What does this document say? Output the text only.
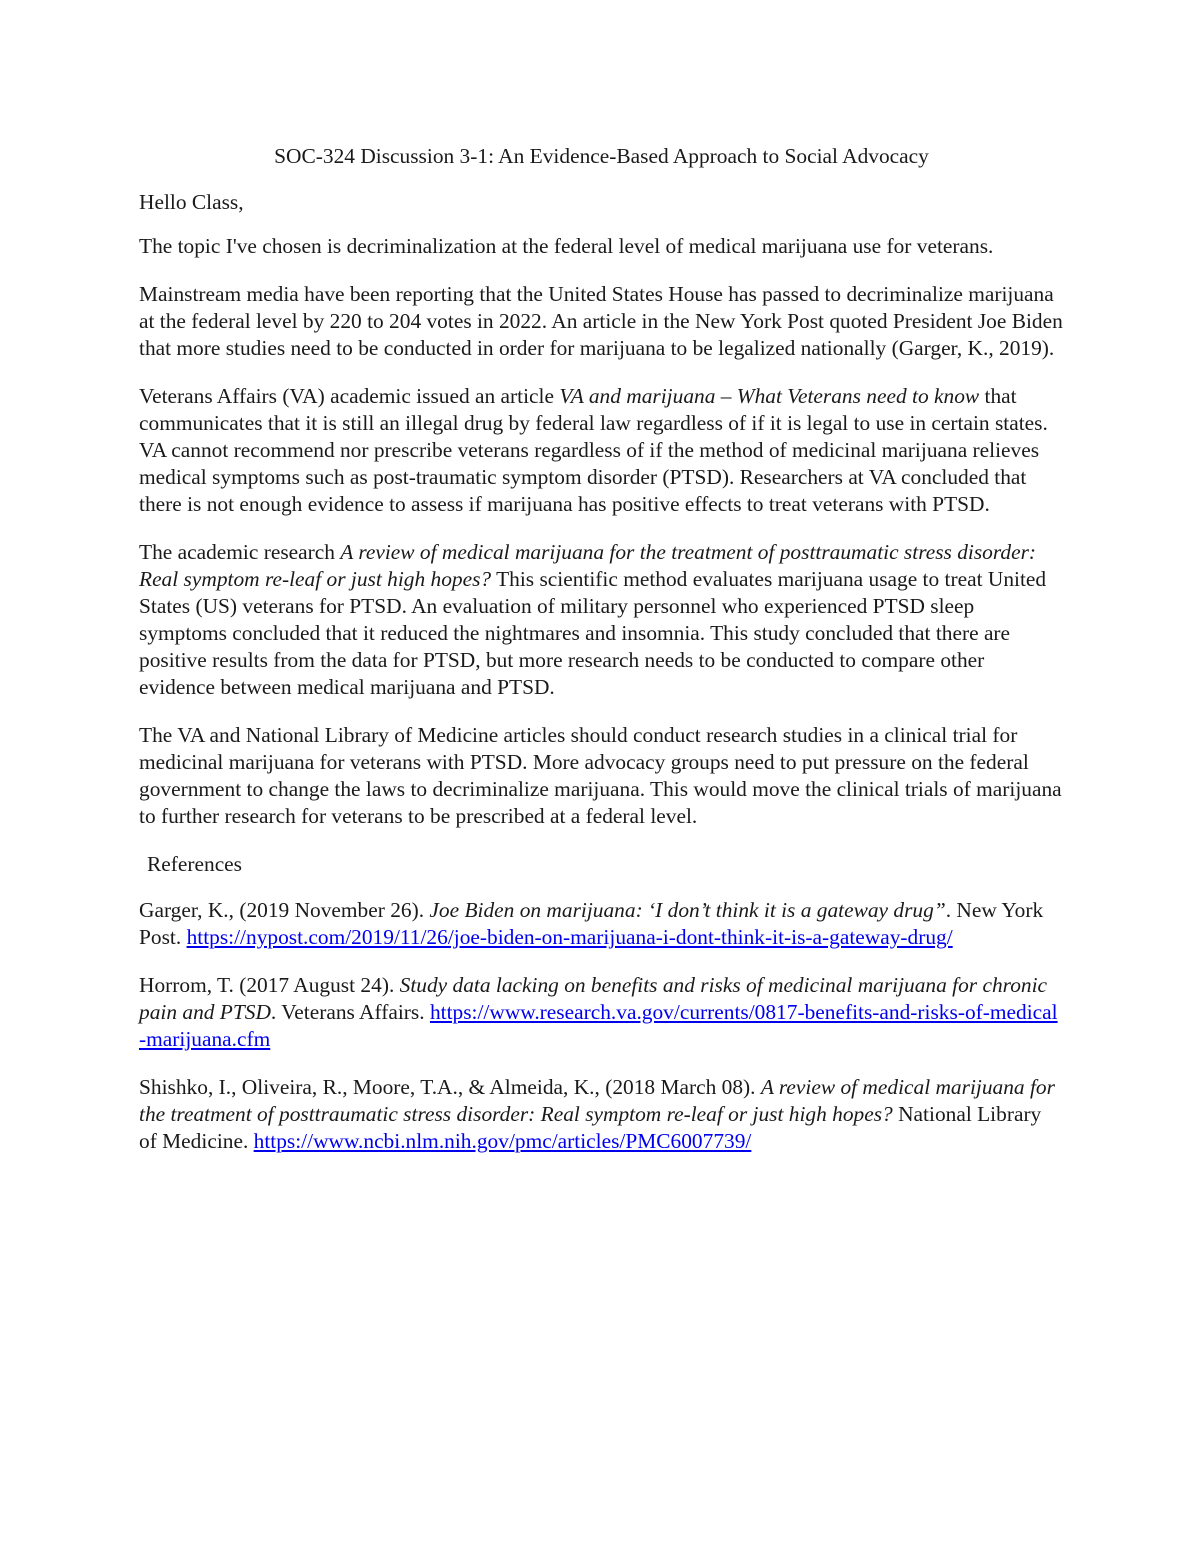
SOC-324 Discussion 3-1: An Evidence-Based Approach to Social Advocacy

Hello Class,

The topic I've chosen is decriminalization at the federal level of medical marijuana use for veterans.

Mainstream media have been reporting that the United States House has passed to decriminalize marijuana at the federal level by 220 to 204 votes in 2022. An article in the New York Post quoted President Joe Biden that more studies need to be conducted in order for marijuana to be legalized nationally (Garger, K., 2019).

Veterans Affairs (VA) academic issued an article VA and marijuana – What Veterans need to know that communicates that it is still an illegal drug by federal law regardless of if it is legal to use in certain states. VA cannot recommend nor prescribe veterans regardless of if the method of medicinal marijuana relieves medical symptoms such as post-traumatic symptom disorder (PTSD). Researchers at VA concluded that there is not enough evidence to assess if marijuana has positive effects to treat veterans with PTSD.

The academic research A review of medical marijuana for the treatment of posttraumatic stress disorder: Real symptom re-leaf or just high hopes? This scientific method evaluates marijuana usage to treat United States (US) veterans for PTSD. An evaluation of military personnel who experienced PTSD sleep symptoms concluded that it reduced the nightmares and insomnia. This study concluded that there are positive results from the data for PTSD, but more research needs to be conducted to compare other evidence between medical marijuana and PTSD.

The VA and National Library of Medicine articles should conduct research studies in a clinical trial for medicinal marijuana for veterans with PTSD. More advocacy groups need to put pressure on the federal government to change the laws to decriminalize marijuana. This would move the clinical trials of marijuana to further research for veterans to be prescribed at a federal level.

References

Garger, K., (2019 November 26). Joe Biden on marijuana: ‘I don’t think it is a gateway drug”. New York Post. https://nypost.com/2019/11/26/joe-biden-on-marijuana-i-dont-think-it-is-a-gateway-drug/

Horrom, T. (2017 August 24). Study data lacking on benefits and risks of medicinal marijuana for chronic pain and PTSD. Veterans Affairs. https://www.research.va.gov/currents/0817-benefits-and-risks-of-medical-marijuana.cfm

Shishko, I., Oliveira, R., Moore, T.A., & Almeida, K., (2018 March 08). A review of medical marijuana for the treatment of posttraumatic stress disorder: Real symptom re-leaf or just high hopes? National Library of Medicine. https://www.ncbi.nlm.nih.gov/pmc/articles/PMC6007739/
